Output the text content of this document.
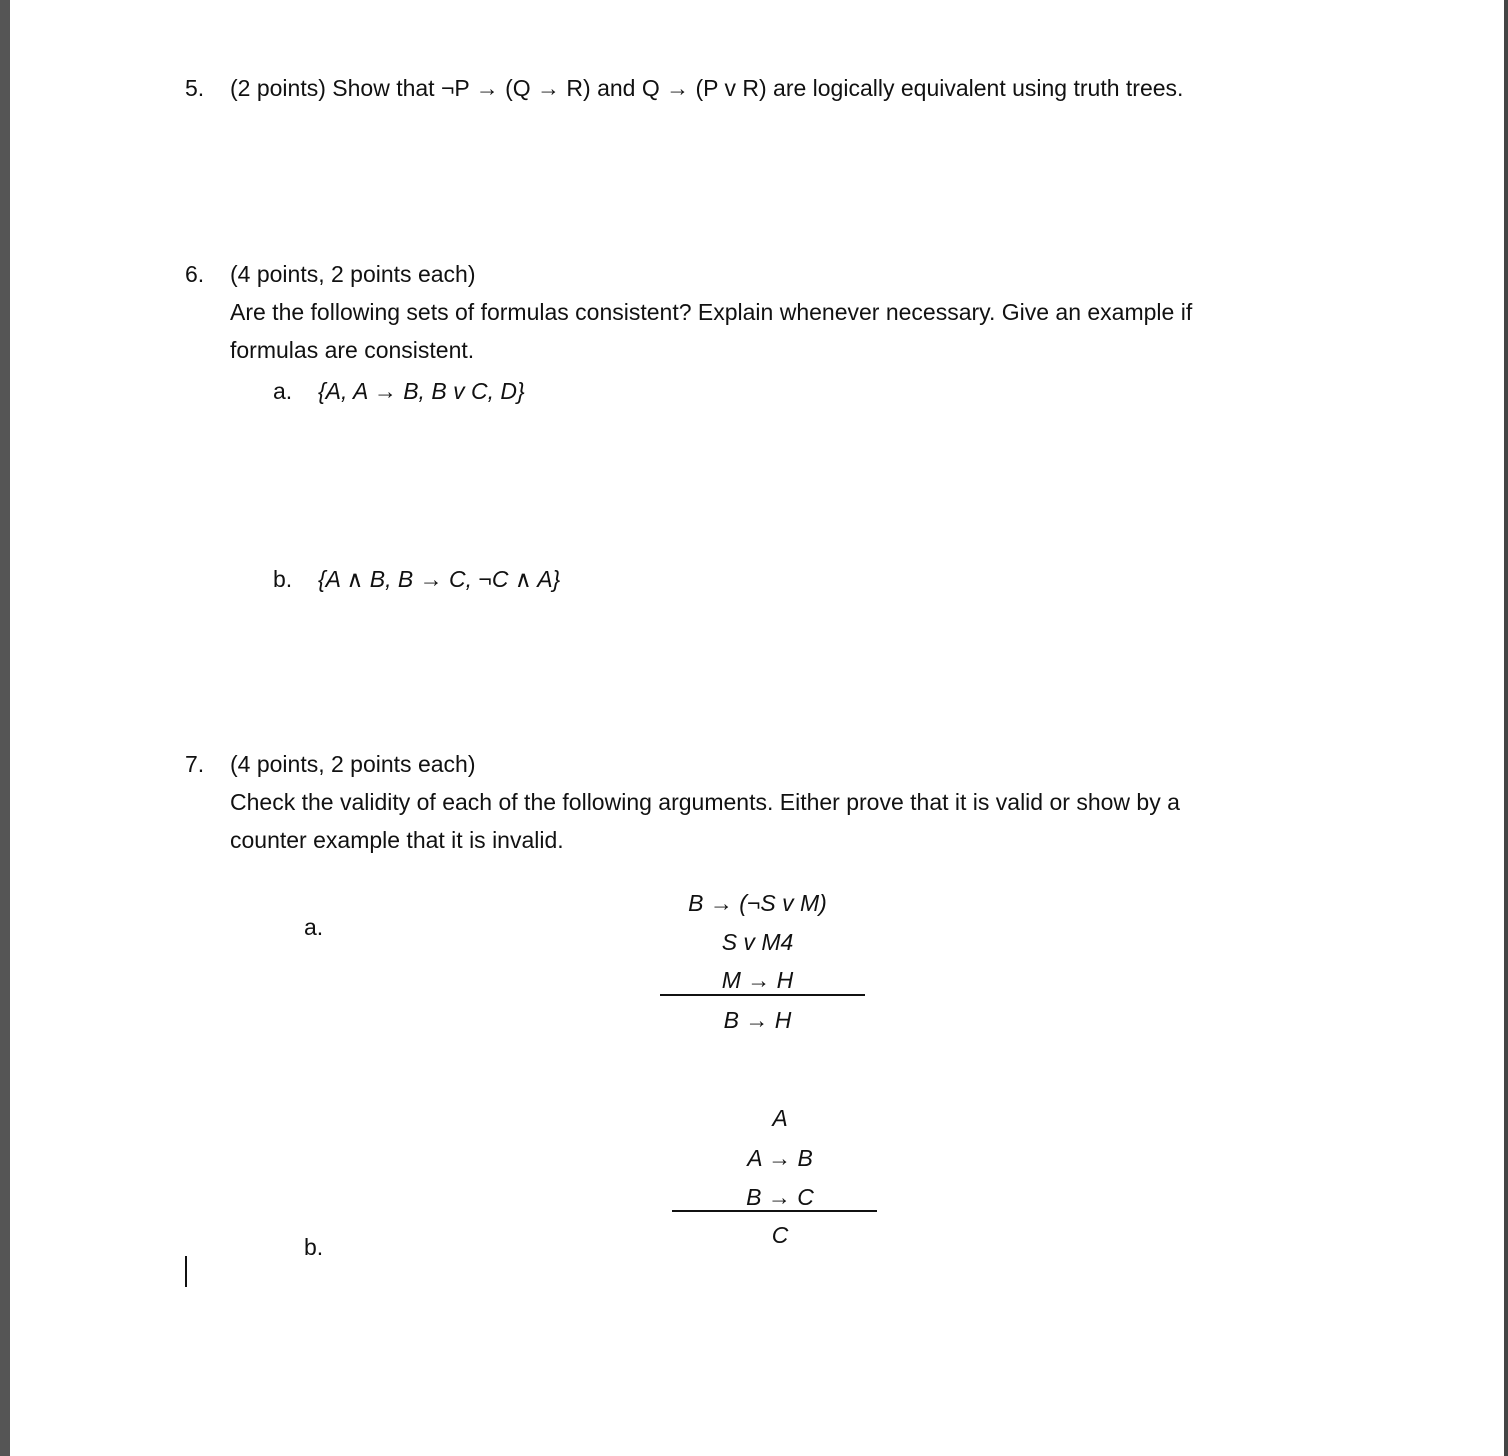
5. (2 points) Show that ¬P → (Q → R) and Q → (P v R) are logically equivalent using truth trees.
6. (4 points, 2 points each)
Are the following sets of formulas consistent? Explain whenever necessary. Give an example if
formulas are consistent.
a. {A, A → B, B v C, D}
b. {A ∧ B, B → C, ¬C ∧ A}
7. (4 points, 2 points each)
Check the validity of each of the following arguments. Either prove that it is valid or show by a
counter example that it is invalid.
a.
B → (¬S v M)
S v M4
M → H
B → H
A
A → B
B → C
C
b.
